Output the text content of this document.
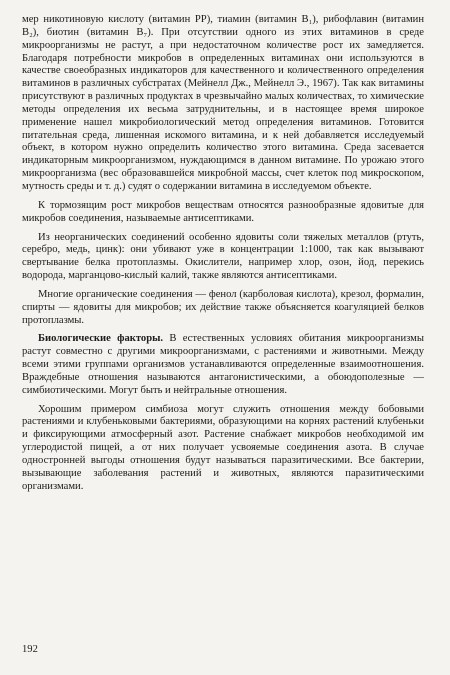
мер никотиновую кислоту (витамин PP), тиамин (витамин B₁), рибофлавин (витамин B₂), биотин (витамин B₇). При отсутствии одного из этих витаминов в среде микроорганизмы не растут, а при недостаточном количестве рост их замедляется. Благодаря потребности микробов в определенных витаминах они используются в качестве своеобразных индикаторов для качественного и количественного определения витаминов в различных субстратах (Мейнелл Дж., Мейнелл Э., 1967). Так как витамины присутствуют в различных продуктах в чрезвычайно малых количествах, то химические методы определения их весьма затруднительны, и в настоящее время широкое применение нашел микробиологический метод определения витаминов. Готовится питательная среда, лишенная искомого витамина, и к ней добавляется исследуемый объект, в котором нужно определить количество этого витамина. Среда засевается индикаторным микроорганизмом, нуждающимся в данном витамине. По урожаю этого микроорганизма (вес образовавшейся микробной массы, счет клеток под микроскопом, мутность среды и т. д.) судят о содержании витамина в исследуемом объекте.

К тормозящим рост микробов веществам относятся разнообразные ядовитые для микробов соединения, называемые антисептиками.

Из неорганических соединений особенно ядовиты соли тяжелых металлов (ртуть, серебро, медь, цинк): они убивают уже в концентрации 1:1000, так как вызывают свертывание белка протоплазмы. Окислители, например хлор, озон, йод, перекись водорода, марганцово-кислый калий, также являются антисептиками.

Многие органические соединения — фенол (карболовая кислота), крезол, формалин, спирты — ядовиты для микробов; их действие также объясняется коагуляцией белков протоплазмы.

Биологические факторы. В естественных условиях обитания микроорганизмы растут совместно с другими микроорганизмами, с растениями и животными. Между всеми этими группами организмов устанавливаются определенные взаимоотношения. Враждебные отношения называются антагонистическими, а обоюдополезные — симбиотическими. Могут быть и нейтральные отношения.

Хорошим примером симбиоза могут служить отношения между бобовыми растениями и клубеньковыми бактериями, образующими на корнях растений клубеньки и фиксирующими атмосферный азот. Растение снабжает микробов необходимой им углеродистой пищей, а от них получает усвояемые соединения азота. В случае одностронней выгоды отношения будут называться паразитическими. Все бактерии, вызывающие заболевания растений и животных, являются паразитическими организмами.

192
